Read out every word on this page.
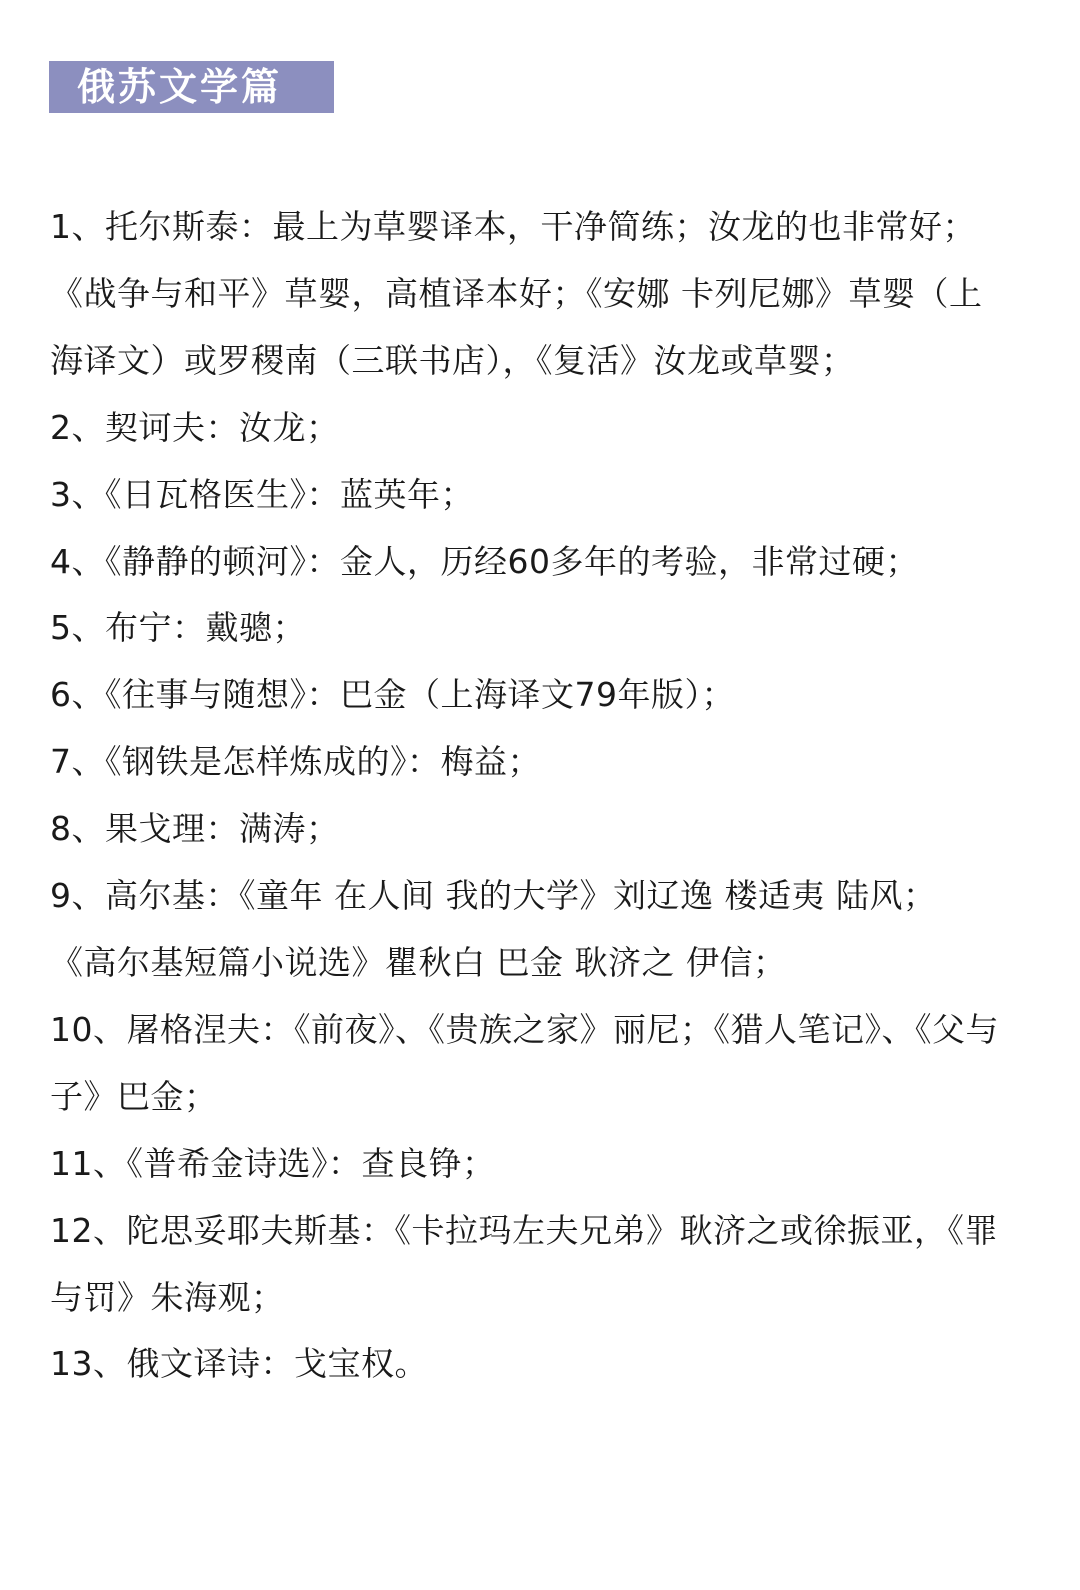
俄苏文学篇

1、托尔斯泰：最上为草婴译本，干净简练；汝龙的也非常好；

《战争与和平》草婴，高植译本好；《安娜 卡列尼娜》草婴（上海译文）或罗稷南（三联书店），《复活》汝龙或草婴；

2、契诃夫：汝龙；

3、《日瓦格医生》：蓝英年；

4、《静静的顿河》：金人，历经60多年的考验，非常过硬；

5、布宁：戴骢；

6、《往事与随想》：巴金（上海译文79年版）；

7、《钢铁是怎样炼成的》：梅益；

8、果戈理：满涛；

9、高尔基：《童年 在人间 我的大学》刘辽逸 楼适夷 陆风；

《高尔基短篇小说选》瞿秋白 巴金 耿济之 伊信；

10、屠格涅夫：《前夜》、《贵族之家》丽尼；《猎人笔记》、《父与子》巴金；

11、《普希金诗选》：查良铮；

12、陀思妥耶夫斯基：《卡拉玛左夫兄弟》耿济之或徐振亚，《罪与罚》朱海观；

13、俄文译诗：戈宝权。
